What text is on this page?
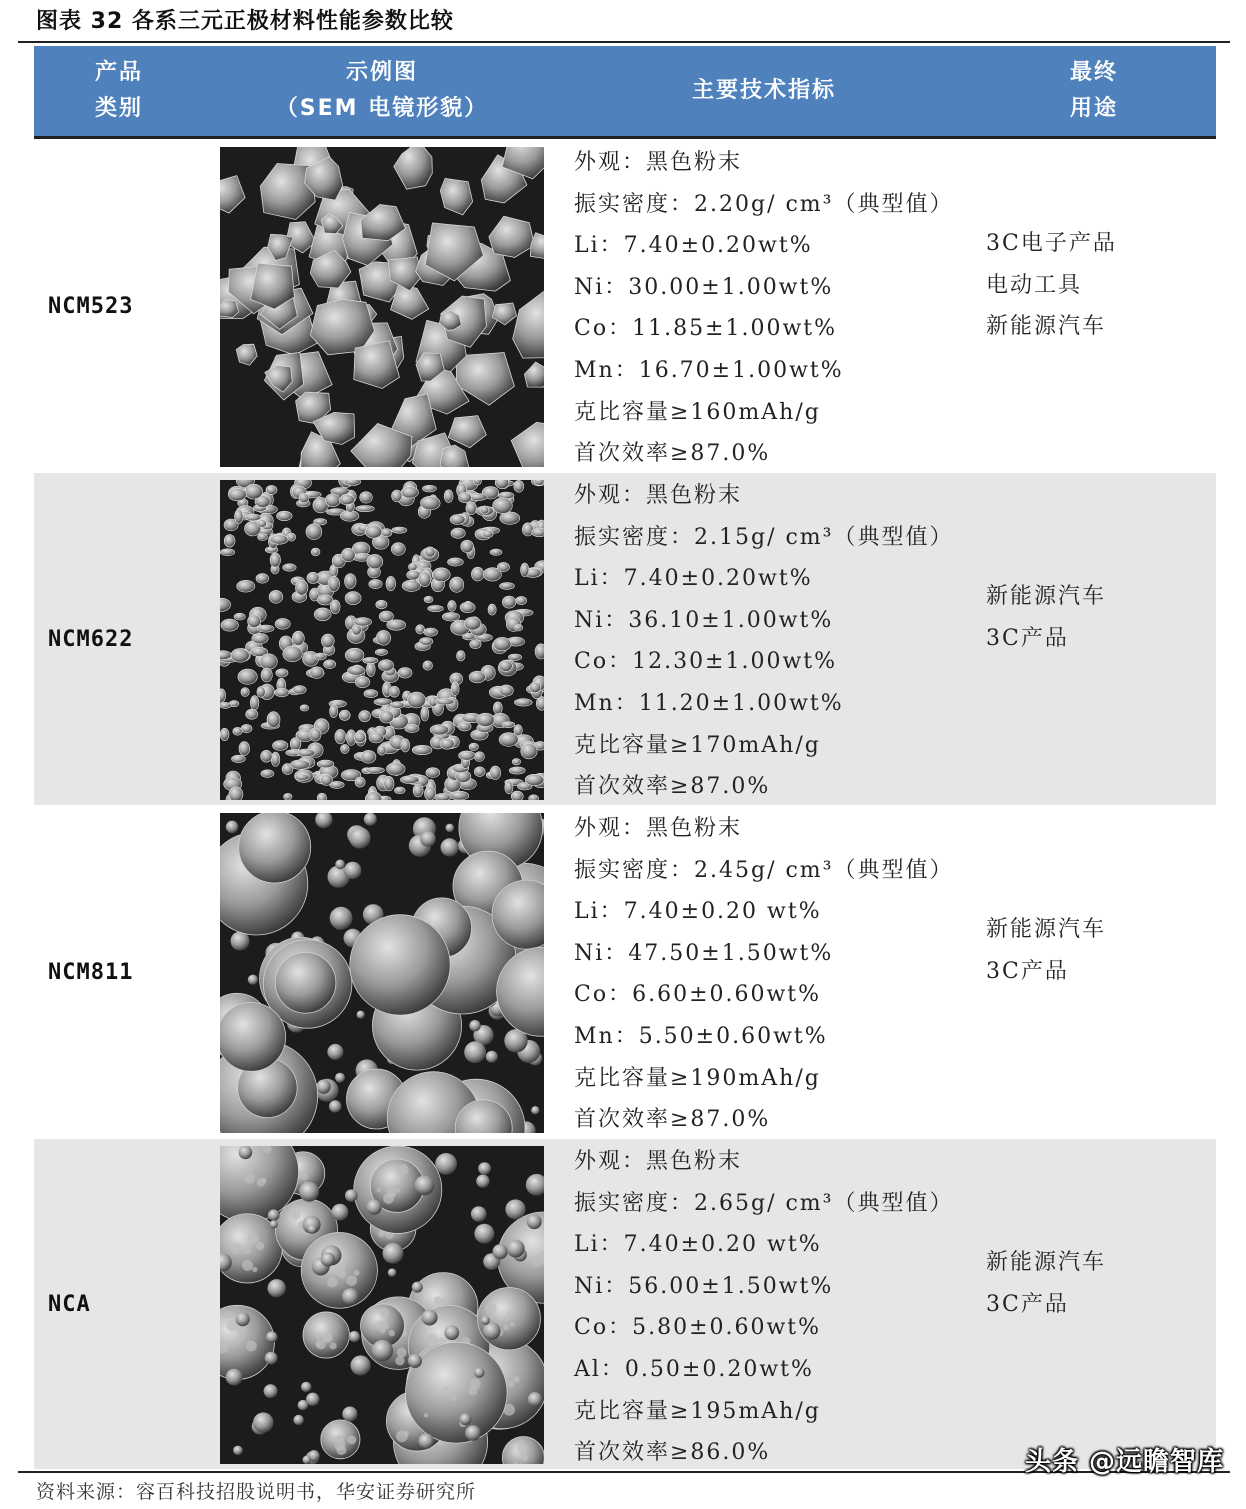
图表 32 各系三元正极材料性能参数比较
产品
类别
示例图
（SEM 电镜形貌）
主要技术指标
最终
用途
NCM523
外观：黑色粉末
振实密度：2.20g/ cm³（典型值）
Li：7.40±0.20wt%
Ni：30.00±1.00wt%
Co：11.85±1.00wt%
Mn：16.70±1.00wt%
克比容量≥160mAh/g
首次效率≥87.0%
3C电子产品
电动工具
新能源汽车
NCM622
外观：黑色粉末
振实密度：2.15g/ cm³（典型值）
Li：7.40±0.20wt%
Ni：36.10±1.00wt%
Co：12.30±1.00wt%
Mn：11.20±1.00wt%
克比容量≥170mAh/g
首次效率≥87.0%
新能源汽车
3C产品
NCM811
外观：黑色粉末
振实密度：2.45g/ cm³（典型值）
Li：7.40±0.20 wt%
Ni：47.50±1.50wt%
Co：6.60±0.60wt%
Mn：5.50±0.60wt%
克比容量≥190mAh/g
首次效率≥87.0%
新能源汽车
3C产品
NCA
外观：黑色粉末
振实密度：2.65g/ cm³（典型值）
Li：7.40±0.20 wt%
Ni：56.00±1.50wt%
Co：5.80±0.60wt%
Al：0.50±0.20wt%
克比容量≥195mAh/g
首次效率≥86.0%
新能源汽车
3C产品
资料来源：容百科技招股说明书，华安证券研究所
头条 @远瞻智库
